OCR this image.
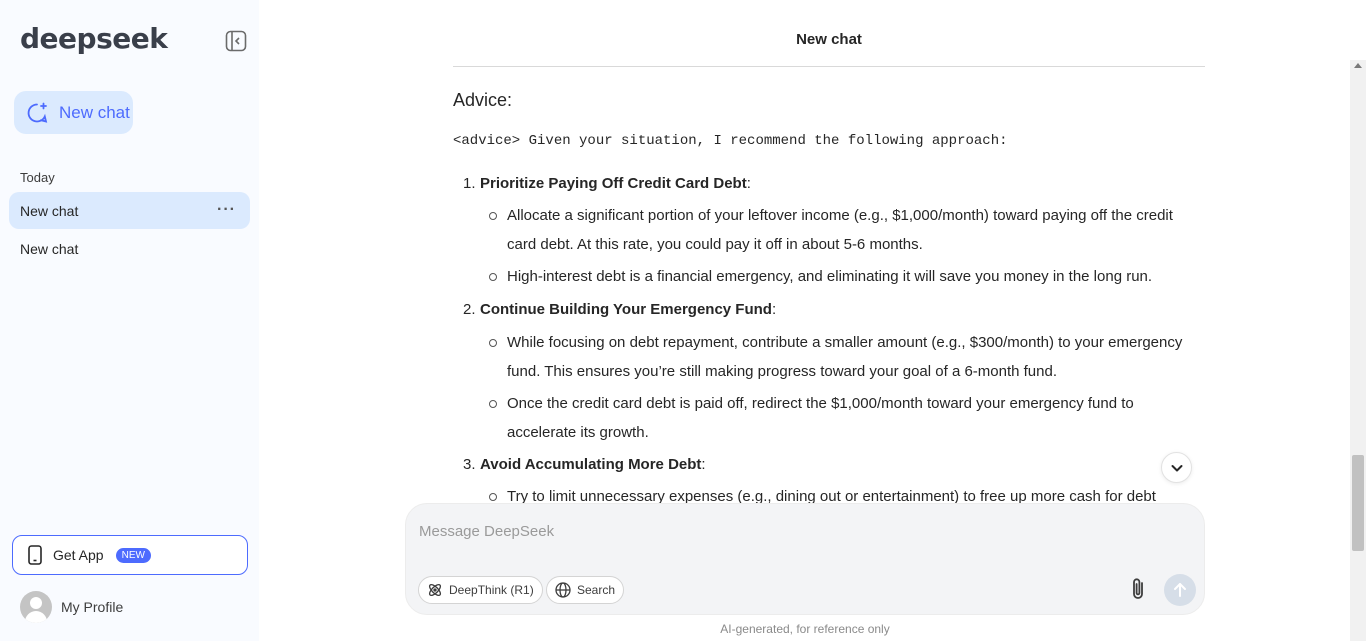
deepseek
New chat
Today
New chat	···
New chat
Get App	NEW
My Profile
New chat
Advice:
<advice> Given your situation, I recommend the following approach:
1. Prioritize Paying Off Credit Card Debt:
Allocate a significant portion of your leftover income (e.g., $1,000/month) toward paying off the credit card debt. At this rate, you could pay it off in about 5-6 months.
High-interest debt is a financial emergency, and eliminating it will save you money in the long run.
2. Continue Building Your Emergency Fund:
While focusing on debt repayment, contribute a smaller amount (e.g., $300/month) to your emergency fund. This ensures you’re still making progress toward your goal of a 6-month fund.
Once the credit card debt is paid off, redirect the $1,000/month toward your emergency fund to accelerate its growth.
3. Avoid Accumulating More Debt:
Try to limit unnecessary expenses (e.g., dining out or entertainment) to free up more cash for debt
Message DeepSeek
DeepThink (R1)	Search
AI-generated, for reference only
